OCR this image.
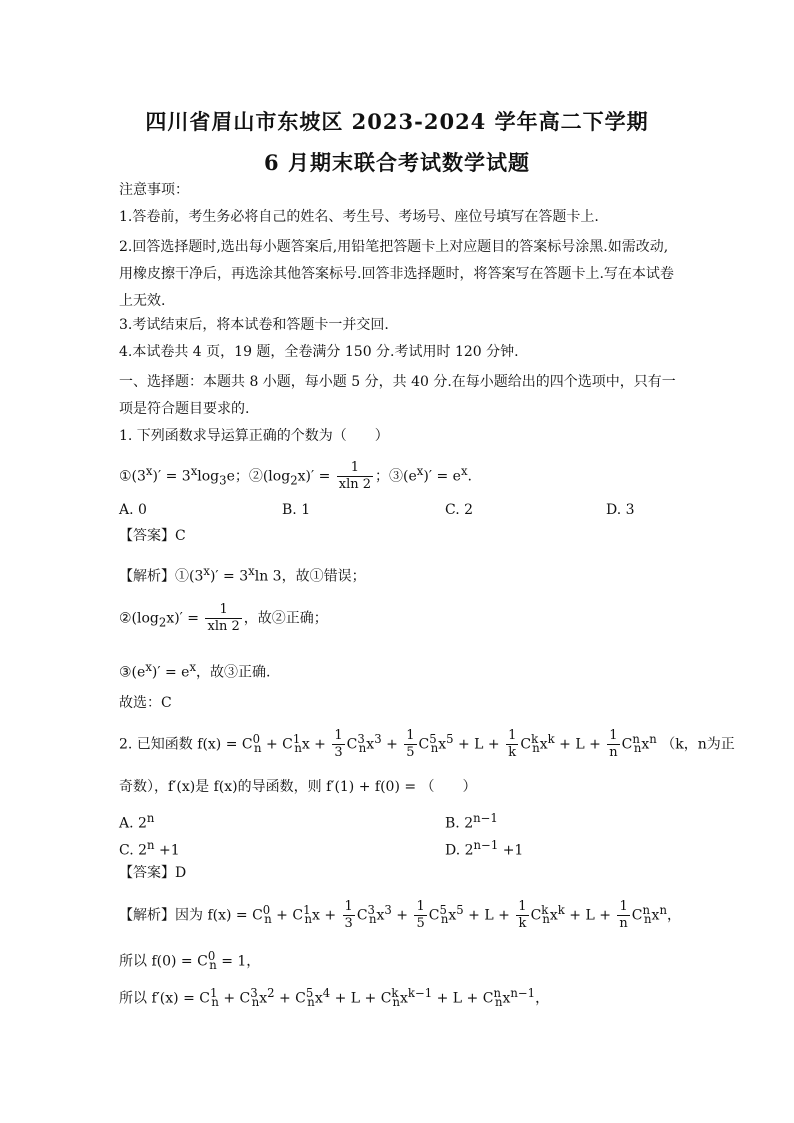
四川省眉山市东坡区 2023-2024 学年高二下学期
6 月期末联合考试数学试题
注意事项：
1.答卷前，考生务必将自己的姓名、考生号、考场号、座位号填写在答题卡上.
2.回答选择题时,选出每小题答案后,用铅笔把答题卡上对应题目的答案标号涂黑.如需改动,用橡皮擦干净后，再选涂其他答案标号.回答非选择题时，将答案写在答题卡上.写在本试卷上无效.
3.考试结束后，将本试卷和答题卡一并交回.
4.本试卷共 4 页，19 题，全卷满分 150 分.考试用时 120 分钟.
一、选择题：本题共 8 小题，每小题 5 分，共 40 分.在每小题给出的四个选项中，只有一项是符合题目要求的.
1. 下列函数求导运算正确的个数为（　　）
$①(3^x)' = 3^x\log_3e$；$②(\log_2x)' = \frac{1}{xln 2}$ ；$③(e^x)' = e^x$.
A. 0	B. 1	C. 2	D. 3
【答案】C
【解析】$①(3^x)' = 3^x\ln$ 3，故①错误；
$②(\log_2x)' = \frac{1}{xln 2}$ ，故②正确；
$③(e^x)' = e^x$，故③正确.
故选：C
2. 已知函数 $f(x) = C^0_n + C^1_nx + \frac{1}{3} C^3_nx^3 + \frac{1}{5} C^5_nx^5 + L + \frac{1}{k} C^k_nx^k + L + \frac{1}{n} C^n_nx^n$ （k，n为正
奇数），f′(x)是 f(x)的导函数，则 f′(1) + f(0) = （　　）
A. 2$^n$	B. $2^{n-1}$
C. $2^n +1$	D. $2^{n-1} +1$
【答案】D
【解析】因为 $f(x) = C^0_n + C^1_nx + \frac{1}{3} C^3_nx^3 + \frac{1}{5} C^5_nx^5 + L + \frac{1}{k} C^k_nx^k + L + \frac{1}{n} C^n_nx^n$，
所以 $f(0) = C^0_n = 1$，
所以 $f'(x) = C^1_n + C^3_nx^2 + C^5_nx^4 + L + C^k_nx^{k-1} + L + C^n_nx^{n-1}$，
